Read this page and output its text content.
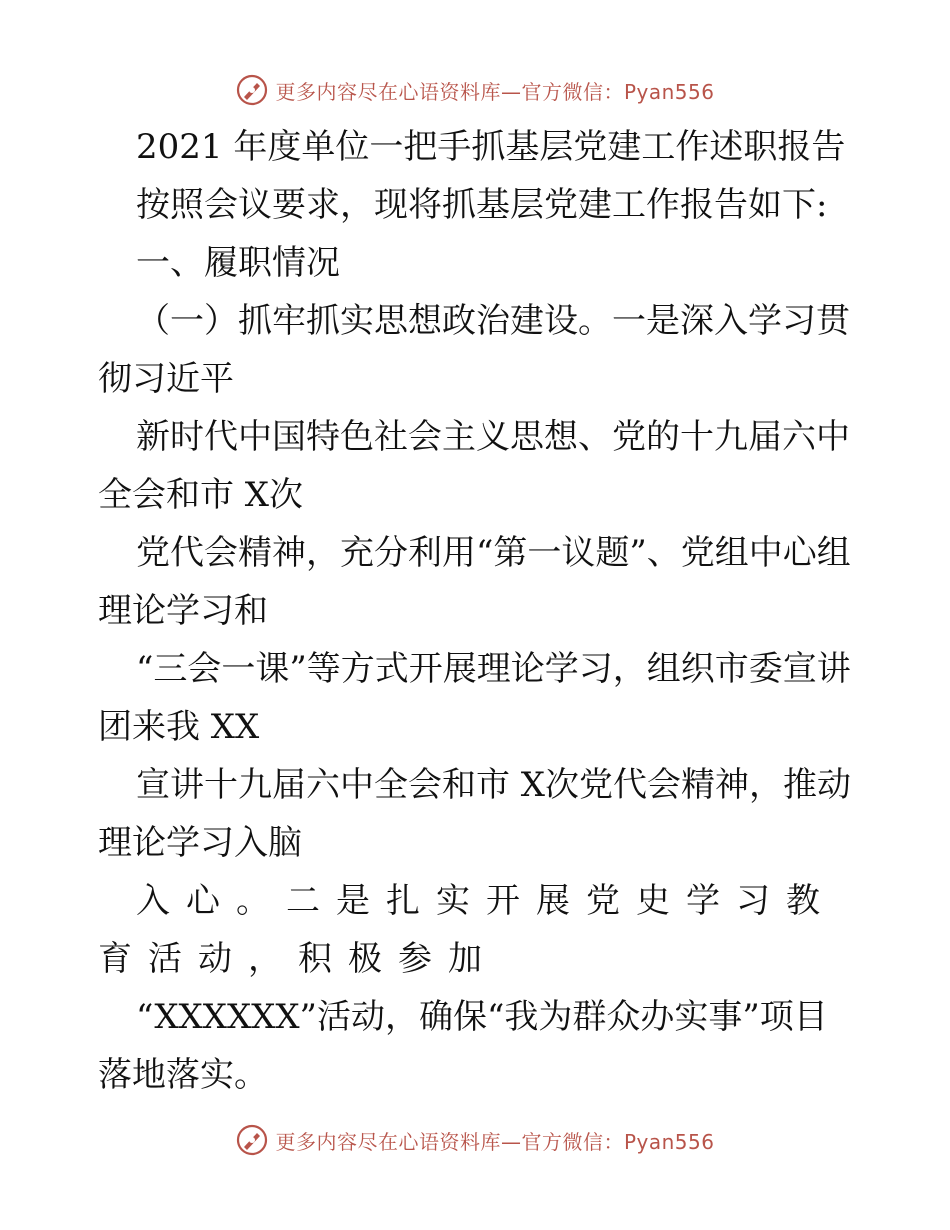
更多内容尽在心语资料库—官方微信：Pyan556

2021 年度单位一把手抓基层党建工作述职报告

按照会议要求，现将抓基层党建工作报告如下:

一、履职情况

（一）抓牢抓实思想政治建设。一是深入学习贯彻习近平

新时代中国特色社会主义思想、党的十九届六中全会和市 X次

党代会精神，充分利用“第一议题”、党组中心组理论学习和

“三会一课”等方式开展理论学习，组织市委宣讲团来我 XX

宣讲十九届六中全会和市 X次党代会精神，推动理论学习入脑

入心。二是扎实开展党史学习教育活动，积极参加

“XXXXXX”活动，确保“我为群众办实事”项目落地落实。

更多内容尽在心语资料库—官方微信：Pyan556
